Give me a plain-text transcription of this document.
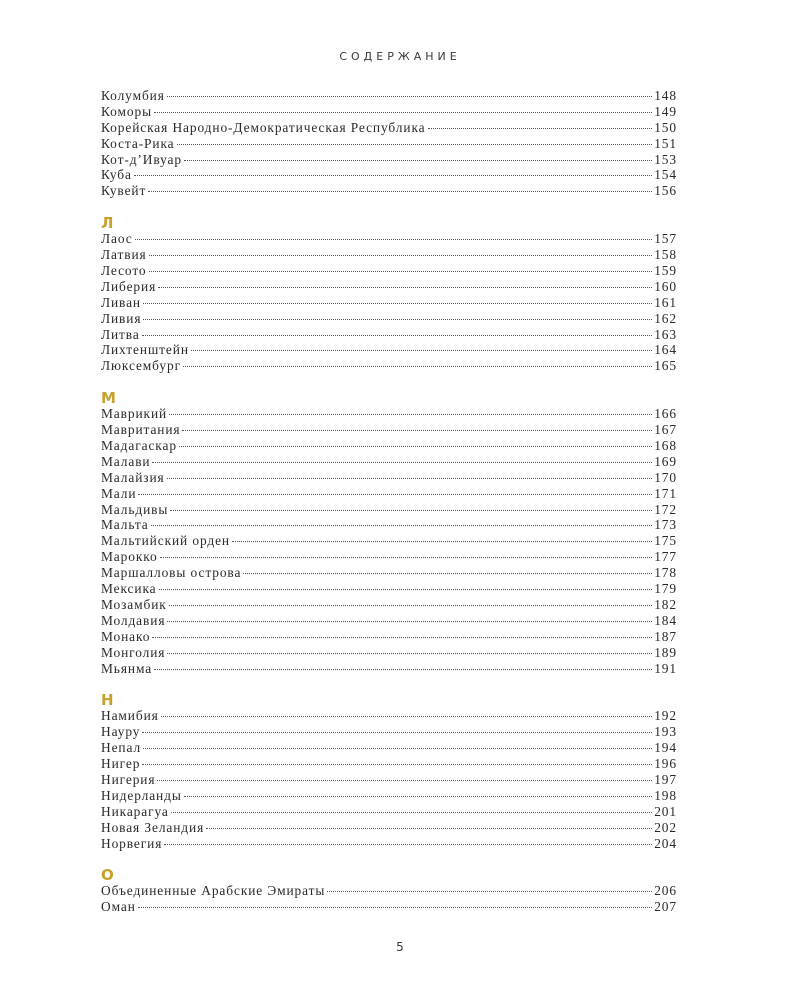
СОДЕРЖАНИЕ
Колумбия	148
Коморы	149
Корейская Народно-Демократическая Республика	150
Коста-Рика	151
Кот-д’Ивуар	153
Куба	154
Кувейт	156
Л
Лаос	157
Латвия	158
Лесото	159
Либерия	160
Ливан	161
Ливия	162
Литва	163
Лихтенштейн	164
Люксембург	165
М
Маврикий	166
Мавритания	167
Мадагаскар	168
Малави	169
Малайзия	170
Мали	171
Мальдивы	172
Мальта	173
Мальтийский орден	175
Марокко	177
Маршалловы острова	178
Мексика	179
Мозамбик	182
Молдавия	184
Монако	187
Монголия	189
Мьянма	191
Н
Намибия	192
Науру	193
Непал	194
Нигер	196
Нигерия	197
Нидерланды	198
Никарагуа	201
Новая Зеландия	202
Норвегия	204
О
Объединенные Арабские Эмираты	206
Оман	207
5
